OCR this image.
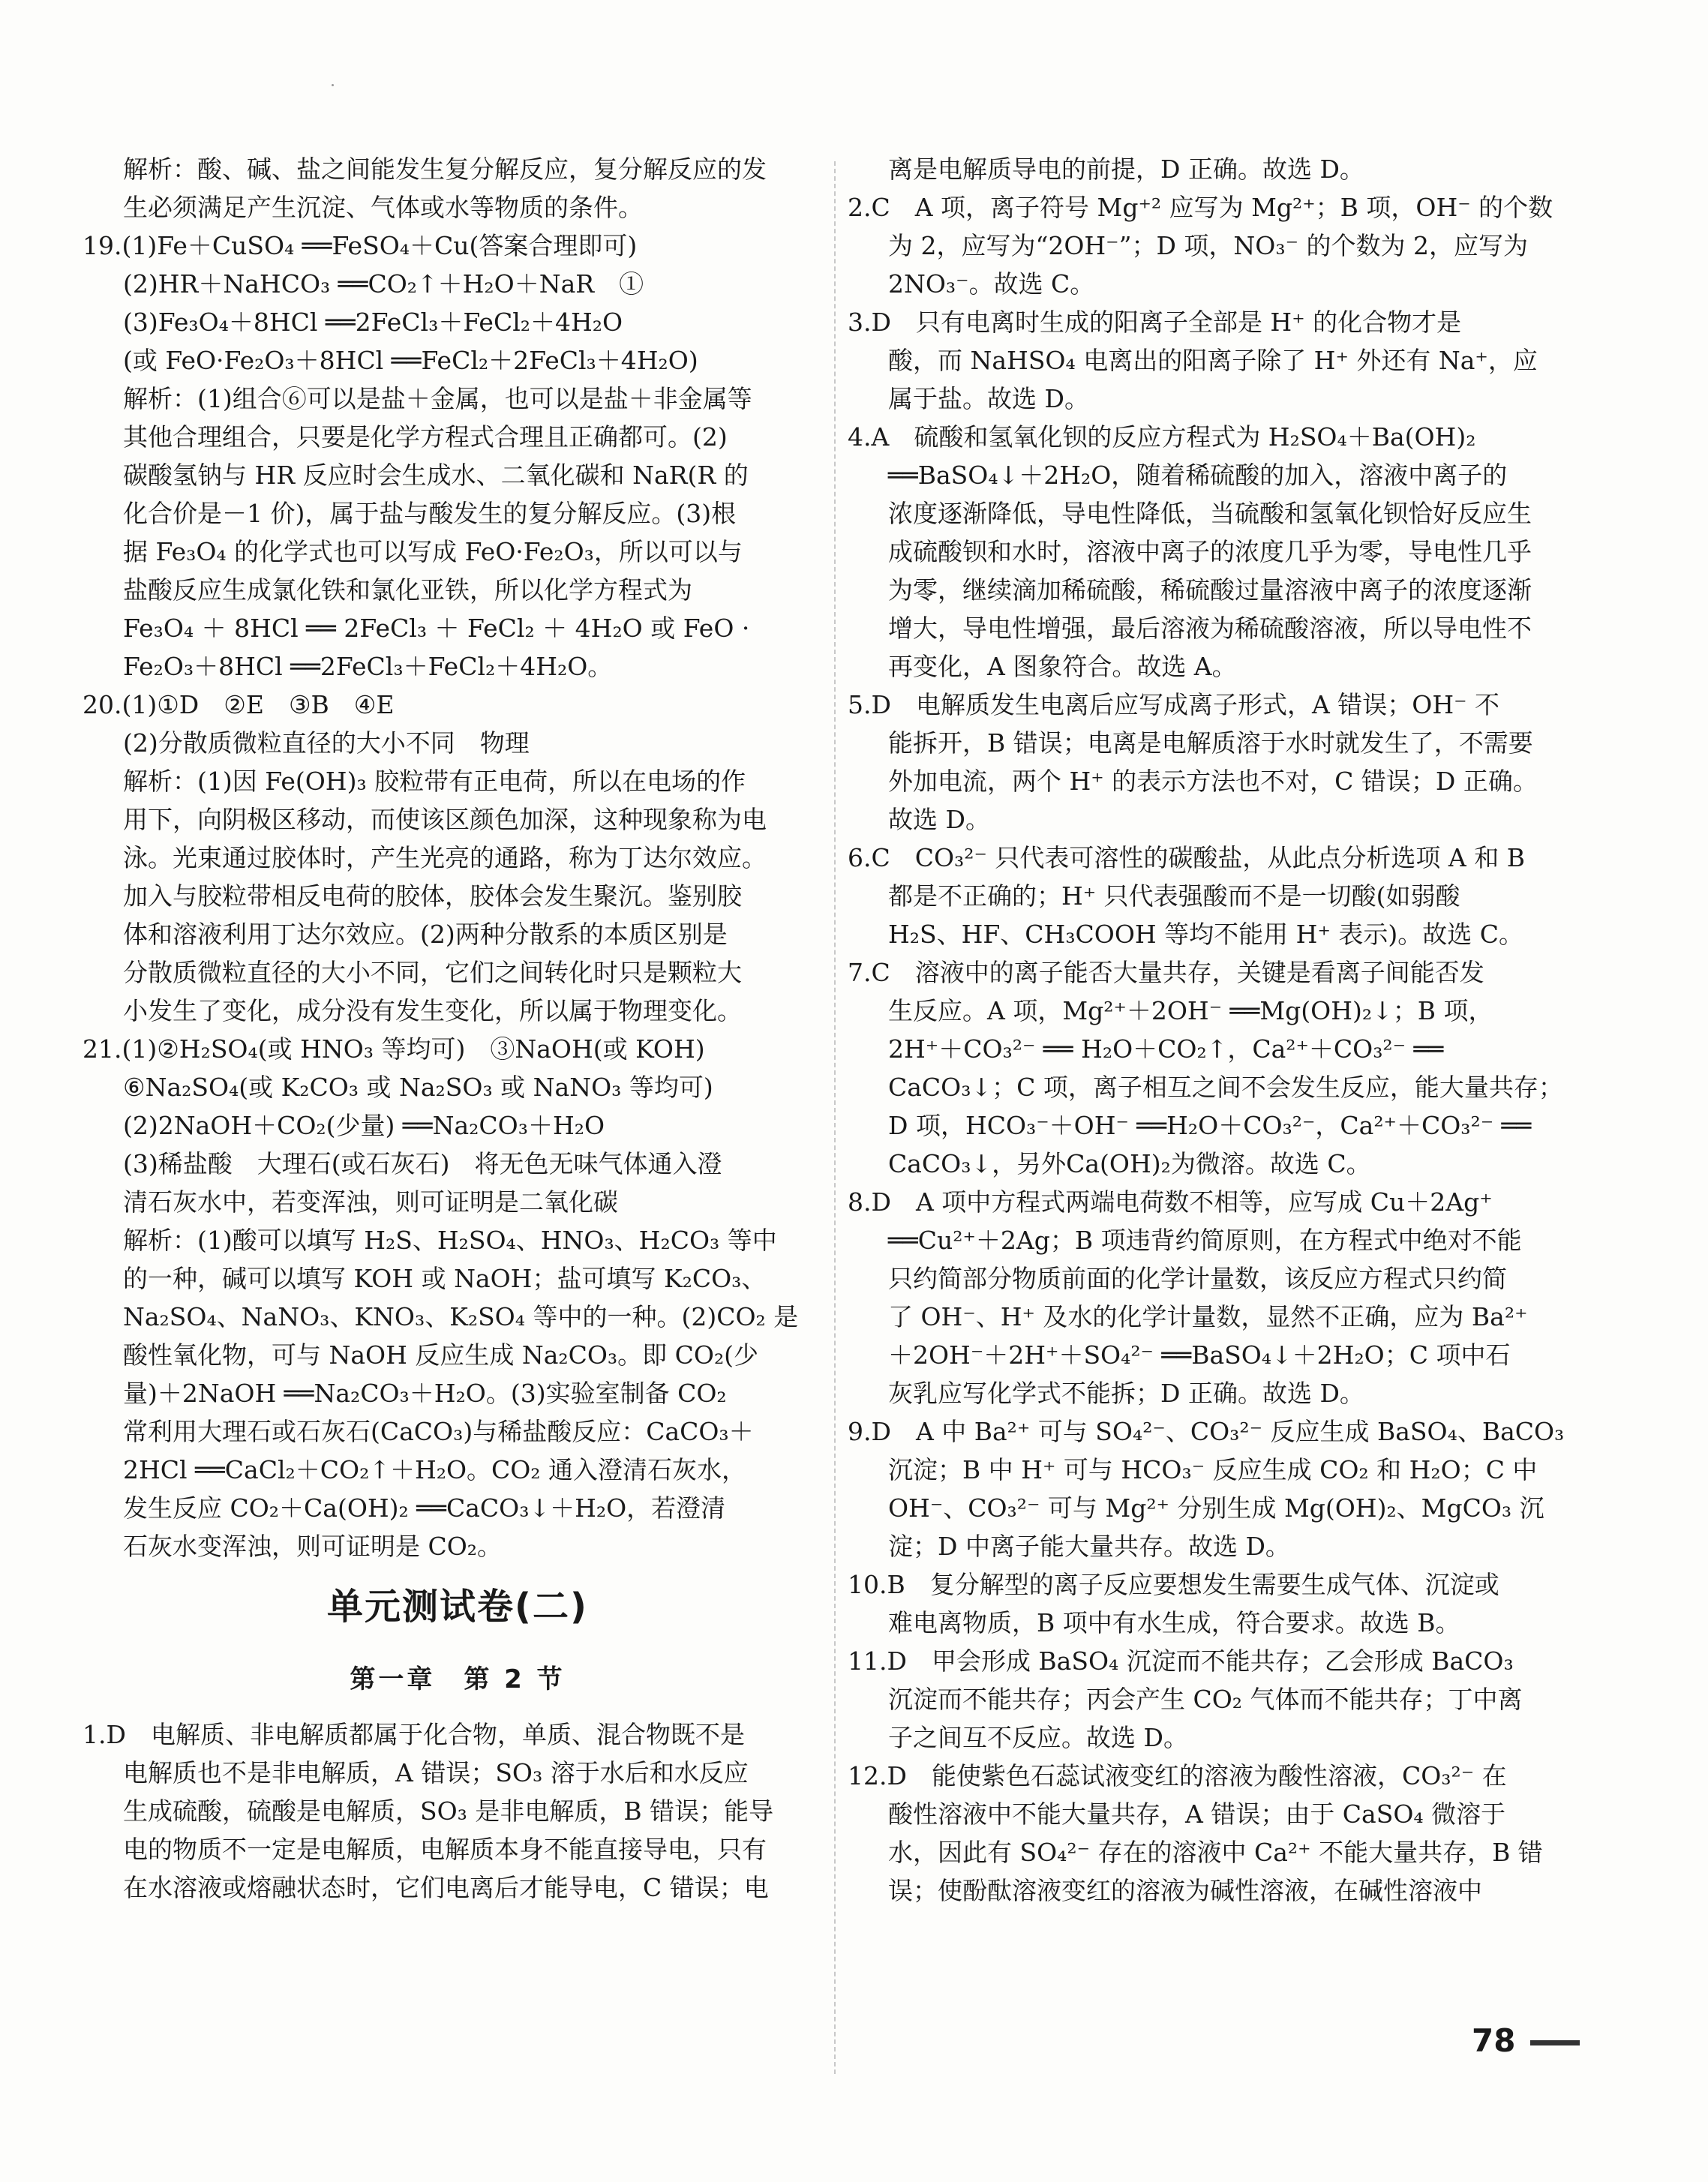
解析：酸、碱、盐之间能发生复分解反应，复分解反应的发
生必须满足产生沉淀、气体或水等物质的条件。
19.(1)Fe＋CuSO₄ ══FeSO₄＋Cu(答案合理即可)
(2)HR＋NaHCO₃ ══CO₂↑＋H₂O＋NaR　①
(3)Fe₃O₄＋8HCl ══2FeCl₃＋FeCl₂＋4H₂O
(或 FeO·Fe₂O₃＋8HCl ══FeCl₂＋2FeCl₃＋4H₂O)
解析：(1)组合⑥可以是盐＋金属，也可以是盐＋非金属等
其他合理组合，只要是化学方程式合理且正确都可。(2)
碳酸氢钠与 HR 反应时会生成水、二氧化碳和 NaR(R 的
化合价是－1 价)，属于盐与酸发生的复分解反应。(3)根
据 Fe₃O₄ 的化学式也可以写成 FeO·Fe₂O₃，所以可以与
盐酸反应生成氯化铁和氯化亚铁，所以化学方程式为
Fe₃O₄ ＋ 8HCl ══ 2FeCl₃ ＋ FeCl₂ ＋ 4H₂O 或 FeO ·
Fe₂O₃＋8HCl ══2FeCl₃＋FeCl₂＋4H₂O。
20.(1)①D　②E　③B　④E
(2)分散质微粒直径的大小不同　物理
解析：(1)因 Fe(OH)₃ 胶粒带有正电荷，所以在电场的作
用下，向阴极区移动，而使该区颜色加深，这种现象称为电
泳。光束通过胶体时，产生光亮的通路，称为丁达尔效应。
加入与胶粒带相反电荷的胶体，胶体会发生聚沉。鉴别胶
体和溶液利用丁达尔效应。(2)两种分散系的本质区别是
分散质微粒直径的大小不同，它们之间转化时只是颗粒大
小发生了变化，成分没有发生变化，所以属于物理变化。
21.(1)②H₂SO₄(或 HNO₃ 等均可)　③NaOH(或 KOH)
⑥Na₂SO₄(或 K₂CO₃ 或 Na₂SO₃ 或 NaNO₃ 等均可)
(2)2NaOH＋CO₂(少量) ══Na₂CO₃＋H₂O
(3)稀盐酸　大理石(或石灰石)　将无色无味气体通入澄
清石灰水中，若变浑浊，则可证明是二氧化碳
解析：(1)酸可以填写 H₂S、H₂SO₄、HNO₃、H₂CO₃ 等中
的一种，碱可以填写 KOH 或 NaOH；盐可填写 K₂CO₃、
Na₂SO₄、NaNO₃、KNO₃、K₂SO₄ 等中的一种。(2)CO₂ 是
酸性氧化物，可与 NaOH 反应生成 Na₂CO₃。即 CO₂(少
量)＋2NaOH ══Na₂CO₃＋H₂O。(3)实验室制备 CO₂
常利用大理石或石灰石(CaCO₃)与稀盐酸反应：CaCO₃＋
2HCl ══CaCl₂＋CO₂↑＋H₂O。CO₂ 通入澄清石灰水，
发生反应 CO₂＋Ca(OH)₂ ══CaCO₃↓＋H₂O，若澄清
石灰水变浑浊，则可证明是 CO₂。
单元测试卷(二)
第一章　第 2 节
1.D　电解质、非电解质都属于化合物，单质、混合物既不是
电解质也不是非电解质，A 错误；SO₃ 溶于水后和水反应
生成硫酸，硫酸是电解质，SO₃ 是非电解质，B 错误；能导
电的物质不一定是电解质，电解质本身不能直接导电，只有
在水溶液或熔融状态时，它们电离后才能导电，C 错误；电
离是电解质导电的前提，D 正确。故选 D。
2.C　A 项，离子符号 Mg⁺² 应写为 Mg²⁺；B 项，OH⁻ 的个数
为 2，应写为“2OH⁻”；D 项，NO₃⁻ 的个数为 2，应写为
2NO₃⁻。故选 C。
3.D　只有电离时生成的阳离子全部是 H⁺ 的化合物才是
酸，而 NaHSO₄ 电离出的阳离子除了 H⁺ 外还有 Na⁺，应
属于盐。故选 D。
4.A　硫酸和氢氧化钡的反应方程式为 H₂SO₄＋Ba(OH)₂
══BaSO₄↓＋2H₂O，随着稀硫酸的加入，溶液中离子的
浓度逐渐降低，导电性降低，当硫酸和氢氧化钡恰好反应生
成硫酸钡和水时，溶液中离子的浓度几乎为零，导电性几乎
为零，继续滴加稀硫酸，稀硫酸过量溶液中离子的浓度逐渐
增大，导电性增强，最后溶液为稀硫酸溶液，所以导电性不
再变化，A 图象符合。故选 A。
5.D　电解质发生电离后应写成离子形式，A 错误；OH⁻ 不
能拆开，B 错误；电离是电解质溶于水时就发生了，不需要
外加电流，两个 H⁺ 的表示方法也不对，C 错误；D 正确。
故选 D。
6.C　CO₃²⁻ 只代表可溶性的碳酸盐，从此点分析选项 A 和 B
都是不正确的；H⁺ 只代表强酸而不是一切酸(如弱酸
H₂S、HF、CH₃COOH 等均不能用 H⁺ 表示)。故选 C。
7.C　溶液中的离子能否大量共存，关键是看离子间能否发
生反应。A 项，Mg²⁺＋2OH⁻ ══Mg(OH)₂↓；B 项，
2H⁺＋CO₃²⁻ ══ H₂O＋CO₂↑，Ca²⁺＋CO₃²⁻ ══
CaCO₃↓；C 项，离子相互之间不会发生反应，能大量共存；
D 项，HCO₃⁻＋OH⁻ ══H₂O＋CO₃²⁻，Ca²⁺＋CO₃²⁻ ══
CaCO₃↓，另外Ca(OH)₂为微溶。故选 C。
8.D　A 项中方程式两端电荷数不相等，应写成 Cu＋2Ag⁺
══Cu²⁺＋2Ag；B 项违背约简原则，在方程式中绝对不能
只约简部分物质前面的化学计量数，该反应方程式只约简
了 OH⁻、H⁺ 及水的化学计量数，显然不正确，应为 Ba²⁺
＋2OH⁻＋2H⁺＋SO₄²⁻ ══BaSO₄↓＋2H₂O；C 项中石
灰乳应写化学式不能拆；D 正确。故选 D。
9.D　A 中 Ba²⁺ 可与 SO₄²⁻、CO₃²⁻ 反应生成 BaSO₄、BaCO₃
沉淀；B 中 H⁺ 可与 HCO₃⁻ 反应生成 CO₂ 和 H₂O；C 中
OH⁻、CO₃²⁻ 可与 Mg²⁺ 分别生成 Mg(OH)₂、MgCO₃ 沉
淀；D 中离子能大量共存。故选 D。
10.B　复分解型的离子反应要想发生需要生成气体、沉淀或
难电离物质，B 项中有水生成，符合要求。故选 B。
11.D　甲会形成 BaSO₄ 沉淀而不能共存；乙会形成 BaCO₃
沉淀而不能共存；丙会产生 CO₂ 气体而不能共存；丁中离
子之间互不反应。故选 D。
12.D　能使紫色石蕊试液变红的溶液为酸性溶液，CO₃²⁻ 在
酸性溶液中不能大量共存，A 错误；由于 CaSO₄ 微溶于
水，因此有 SO₄²⁻ 存在的溶液中 Ca²⁺ 不能大量共存，B 错
误；使酚酞溶液变红的溶液为碱性溶液，在碱性溶液中
78
